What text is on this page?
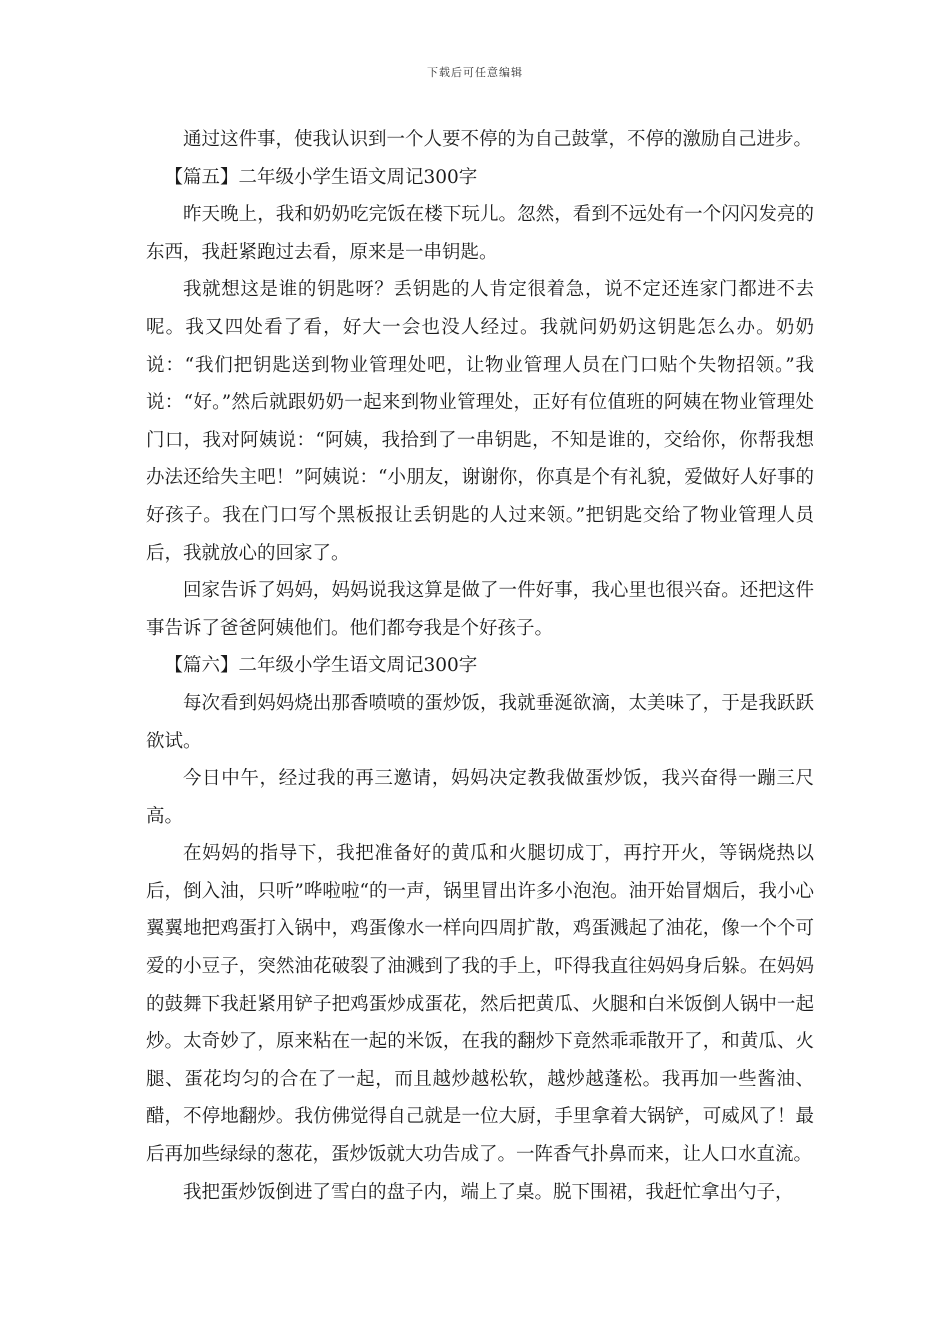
下载后可任意编辑

通过这件事，使我认识到一个人要不停的为自己鼓掌，不停的激励自己进步。

【篇五】二年级小学生语文周记300字

昨天晚上，我和奶奶吃完饭在楼下玩儿。忽然，看到不远处有一个闪闪发亮的东西，我赶紧跑过去看，原来是一串钥匙。

我就想这是谁的钥匙呀？丢钥匙的人肯定很着急，说不定还连家门都进不去呢。我又四处看了看，好大一会也没人经过。我就问奶奶这钥匙怎么办。奶奶说：“我们把钥匙送到物业管理处吧，让物业管理人员在门口贴个失物招领。”我说：“好。”然后就跟奶奶一起来到物业管理处，正好有位值班的阿姨在物业管理处门口，我对阿姨说：“阿姨，我拾到了一串钥匙，不知是谁的，交给你，你帮我想办法还给失主吧！”阿姨说：“小朋友，谢谢你，你真是个有礼貌，爱做好人好事的好孩子。我在门口写个黑板报让丢钥匙的人过来领。”把钥匙交给了物业管理人员后，我就放心的回家了。

回家告诉了妈妈，妈妈说我这算是做了一件好事，我心里也很兴奋。还把这件事告诉了爸爸阿姨他们。他们都夸我是个好孩子。

【篇六】二年级小学生语文周记300字

每次看到妈妈烧出那香喷喷的蛋炒饭，我就垂涎欲滴，太美味了，于是我跃跃欲试。

今日中午，经过我的再三邀请，妈妈决定教我做蛋炒饭，我兴奋得一蹦三尺高。

在妈妈的指导下，我把准备好的黄瓜和火腿切成丁，再拧开火，等锅烧热以后，倒入油，只听”哗啦啦“的一声，锅里冒出许多小泡泡。油开始冒烟后，我小心翼翼地把鸡蛋打入锅中，鸡蛋像水一样向四周扩散，鸡蛋溅起了油花，像一个个可爱的小豆子，突然油花破裂了油溅到了我的手上，吓得我直往妈妈身后躲。在妈妈的鼓舞下我赶紧用铲子把鸡蛋炒成蛋花，然后把黄瓜、火腿和白米饭倒人锅中一起炒。太奇妙了，原来粘在一起的米饭，在我的翻炒下竟然乖乖散开了，和黄瓜、火腿、蛋花均匀的合在了一起，而且越炒越松软，越炒越蓬松。我再加一些酱油、醋，不停地翻炒。我仿佛觉得自己就是一位大厨，手里拿着大锅铲，可威风了！最后再加些绿绿的葱花，蛋炒饭就大功告成了。一阵香气扑鼻而来，让人口水直流。

我把蛋炒饭倒进了雪白的盘子内，端上了桌。脱下围裙，我赶忙拿出勺子，
